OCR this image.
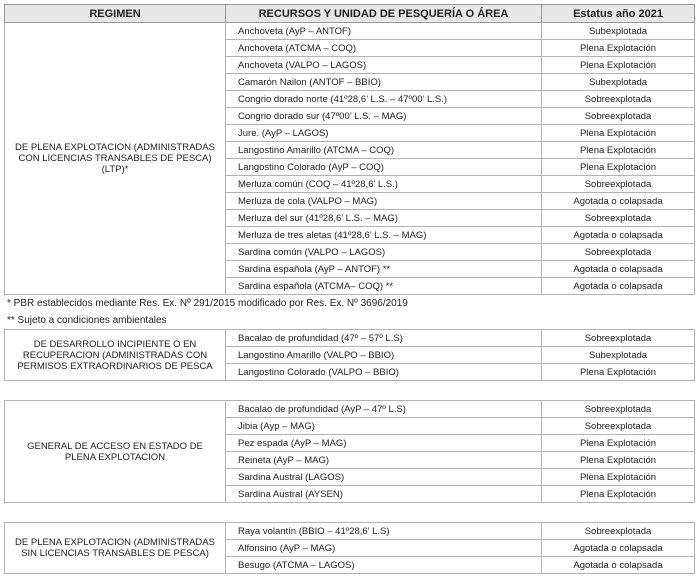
REGIMEN	RECURSOS Y UNIDAD DE PESQUERÍA O ÁREA	Estatus año 2021
DE PLENA EXPLOTACION (ADMINISTRADAS CON LICENCIAS TRANSABLES DE PESCA) (LTP)*	Anchoveta (AyP – ANTOF)	Subexplotada
	Anchoveta (ATCMA – COQ)	Plena Explotación
	Anchoveta (VALPO – LAGOS)	Plena Explotación
	Camarón Nailon (ANTOF – BBIO)	Subexplotada
	Congrio dorado norte (41º28,6’ L.S. – 47º00’ L.S.)	Sobreexplotada
	Congrio dorado sur (47º00’ L.S. – MAG)	Sobreexplotada
	Jure. (AyP – LAGOS)	Plena Explotación
	Langostino Amarillo (ATCMA – COQ)	Plena Explotación
	Langostino Colorado (AyP – COQ)	Plena Explotación
	Merluza común (COQ – 41º28,6’ L.S.)	Sobreexplotada
	Merluza de cola (VALPO – MAG)	Agotada o colapsada
	Merluza del sur (41º28,6’ L.S. – MAG)	Sobreexplotada
	Merluza de tres aletas (41º28,6’ L.S. – MAG)	Agotada o colapsada
	Sardina común (VALPO – LAGOS)	Sobreexplotada
	Sardina española (AyP – ANTOF) **	Agotada o colapsada
	Sardina española (ATCMA– COQ) **	Agotada o colapsada
* PBR establecidos mediante Res. Ex. Nº 291/2015 modificado por Res. Ex. Nº 3696/2019
** Sujeto a condiciones ambientales
DE DESARROLLO INCIPIENTE O EN RECUPERACION (ADMINISTRADAS CON PERMISOS EXTRAORDINARIOS DE PESCA	Bacalao de profundidad (47º – 57º L.S)	Sobreexplotada
	Langostino Amarillo (VALPO – BBIO)	Subexplotada
	Langostino Colorado (VALPO – BBIO)	Plena Explotación
GENERAL DE ACCESO EN ESTADO DE PLENA EXPLOTACION	Bacalao de profundidad (AyP – 47º L.S)	Sobreexplotada
	Jibia (Ayp – MAG)	Sobreexplotada
	Pez espada (AyP – MAG)	Plena Explotación
	Reineta (AyP – MAG)	Plena Explotación
	Sardina Austral (LAGOS)	Plena Explotación
	Sardina Austral (AYSEN)	Plena Explotación
DE PLENA EXPLOTACION (ADMINISTRADAS SIN LICENCIAS TRANSABLES DE PESCA)	Raya volantín (BBIO – 41º28,6’ L.S)	Sobreexplotada
	Alfonsino (AyP – MAG)	Agotada o colapsada
	Besugo (ATCMA – LAGOS)	Agotada o colapsada
